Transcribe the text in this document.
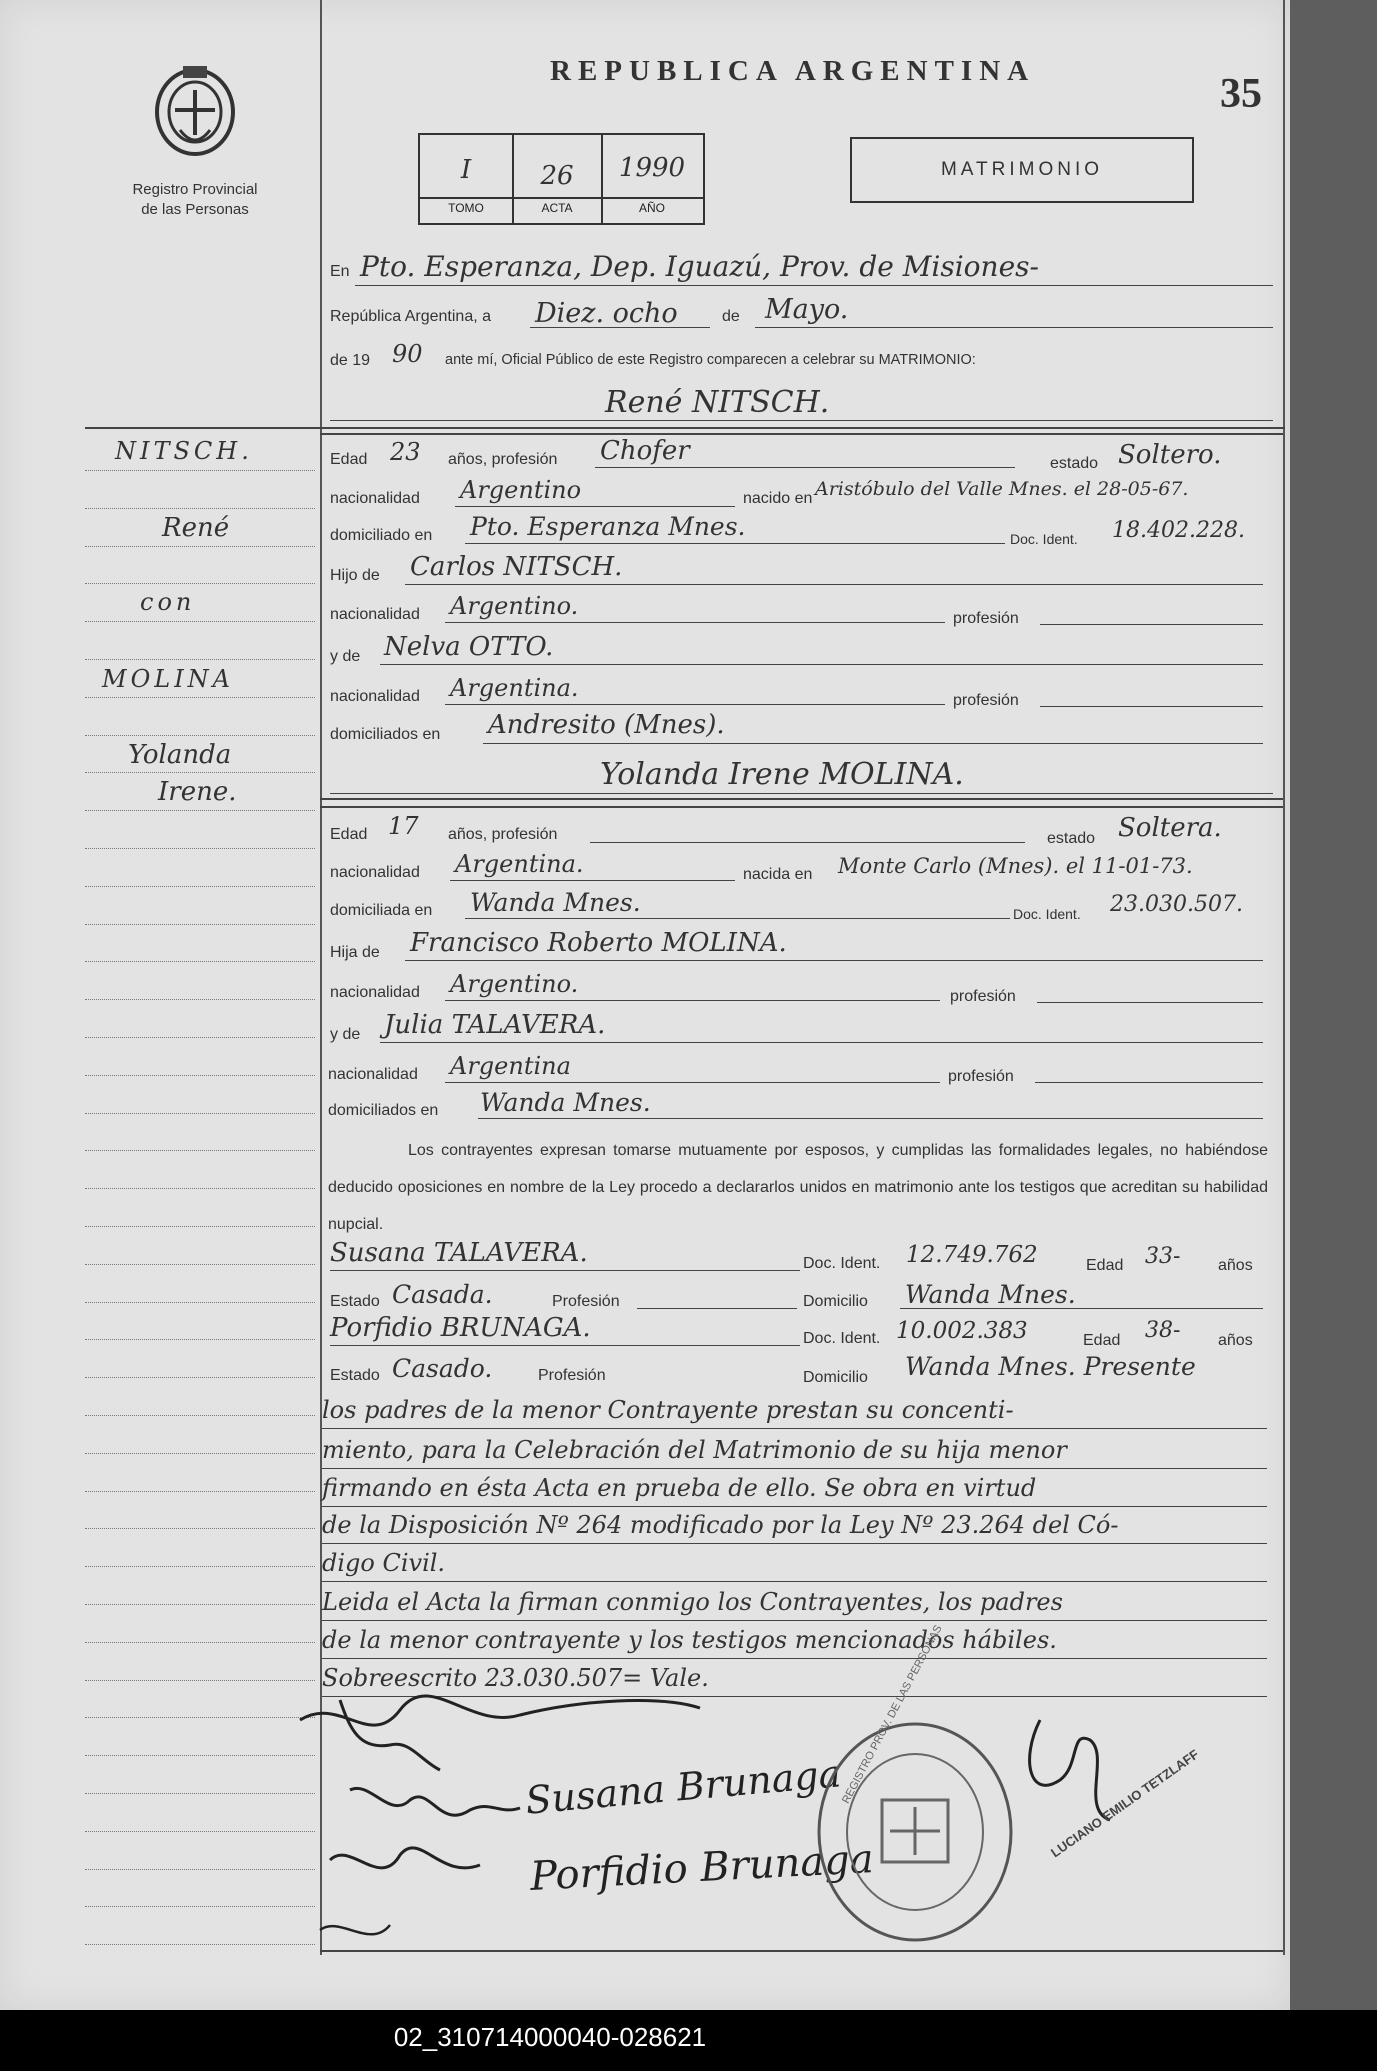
Registro Provincial
de las Personas
REPUBLICA ARGENTINA	35
I	26	1990
TOMO	ACTA	AÑO
MATRIMONIO
En Pto. Esperanza, Dep. Iguazú, Prov. de Misiones-
República Argentina, a Diez. ocho	de Mayo.
de 19 90 ante mí, Oficial Público de este Registro comparecen a celebrar su MATRIMONIO:
René NITSCH.
NITSCH.
René
con
MOLINA
Yolanda
Irene.
Edad 23 años, profesión Chofer	estado Soltero.
nacionalidad Argentino	nacido en Aristóbulo del Valle Mnes. el 28-05-67.
domiciliado en Pto. Esperanza Mnes.	Doc. Ident. 18.402.228.
Hijo de Carlos NITSCH.
nacionalidad Argentino.	profesión
y de Nelva OTTO.
nacionalidad Argentina.	profesión
domiciliados en Andresito (Mnes).
Yolanda Irene MOLINA.
Edad 17 años, profesión	estado Soltera.
nacionalidad Argentina.	nacida en Monte Carlo (Mnes). el 11-01-73.
domiciliada en Wanda Mnes.	Doc. Ident. 23.030.507.
Hija de Francisco Roberto MOLINA.
nacionalidad Argentino.	profesión
y de Julia TALAVERA.
nacionalidad Argentina	profesión
domiciliados en Wanda Mnes.
Los contrayentes expresan tomarse mutuamente por esposos, y cumplidas las formalidades legales, no habiéndose deducido oposiciones en nombre de la Ley procedo a declararlos unidos en matrimonio ante los testigos que acreditan su habilidad nupcial.
Susana TALAVERA.	Doc. Ident. 12.749.762	Edad 33- años
Estado Casada.	Profesión	Domicilio Wanda Mnes.
Porfidio BRUNAGA.	Doc. Ident. 10.002.383	Edad 38- años
Estado Casado.	Profesión	Domicilio Wanda Mnes. Presente
los padres de la menor Contrayente prestan su concenti-
miento, para la Celebración del Matrimonio de su hija menor
firmando en ésta Acta en prueba de ello. Se obra en virtud
de la Disposición Nº 264 modificado por la Ley Nº 23.264 del Có-
digo Civil.
Leida el Acta la firman conmigo los Contrayentes, los padres
de la menor contrayente y los testigos mencionados hábiles.
Sobreescrito 23.030.507= Vale.
Susana Brunaga
Porfidio Brunaga
REGISTRO PROV. DE LAS PERSONAS	LUCIANO EMILIO TETZLAFF
02_310714000040-028621
